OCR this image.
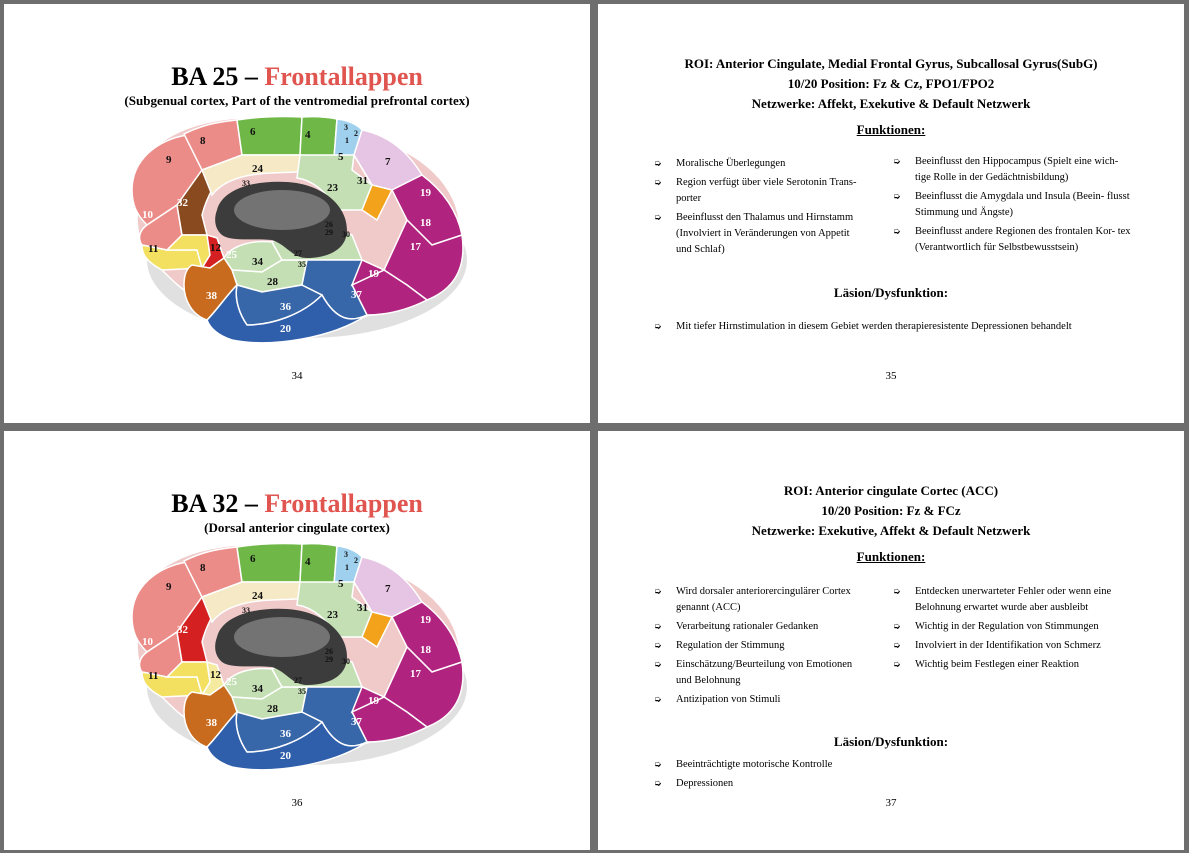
BA 25 – Frontallappen
(Subgenual cortex, Part of the ventromedial prefrontal cortex)
1
2
3
4
5
6
7
8
9
10
11	12	17
18
19
19
20
23
24
25
26
27
28
29 30
31
32
33
34	35
36
37
38
34
ROI: Anterior Cingulate, Medial Frontal Gyrus, Subcallosal Gyrus(SubG)
10/20 Position: Fz & Cz, FPO1/FPO2
Netzwerke: Affekt, Exekutive & Default Netzwerk
Funktionen:
➭ Moralische Überlegungen
➭ Region verfügt über viele Serotonin Trans- porter
➭ Beeinflusst den Thalamus und Hirnstamm (Involviert in Veränderungen von Appetit und Schlaf)
➭ Beeinflusst den Hippocampus (Spielt eine wich- tige Rolle in der Gedächtnisbildung)
➭ Beeinflusst die Amygdala und Insula (Beein- flusst Stimmung und Ängste)
➭ Beeinflusst andere Regionen des frontalen Kor- tex (Verantwortlich für Selbstbewusstsein)
Läsion/Dysfunktion:
➭ Mit tiefer Hirnstimulation in diesem Gebiet werden therapieresistente Depressionen behandelt
35
BA 32 – Frontallappen
(Dorsal anterior cingulate cortex)
1
2
3
4
5
6
7
8
9
10
11	12	17
18
19
19
20
23
24
25
26
27
28
29 30
31
32
33
34	35
36
37
38
36
ROI: Anterior cingulate Cortec (ACC)
10/20 Position: Fz & FCz
Netzwerke: Exekutive, Affekt & Default Netzwerk
Funktionen:
➭ Wird dorsaler anteriorercingulärer Cortex genannt (ACC)
➭ Verarbeitung rationaler Gedanken
➭ Regulation der Stimmung
➭ Einschätzung/Beurteilung von Emotionen und Belohnung
➭ Antizipation von Stimuli
➭ Entdecken unerwarteter Fehler oder wenn eine Belohnung erwartet wurde aber ausbleibt
➭ Wichtig in der Regulation von Stimmungen
➭ Involviert in der Identifikation von Schmerz
➭ Wichtig beim Festlegen einer Reaktion
Läsion/Dysfunktion:
➭ Beeinträchtigte motorische Kontrolle
➭ Depressionen
37
